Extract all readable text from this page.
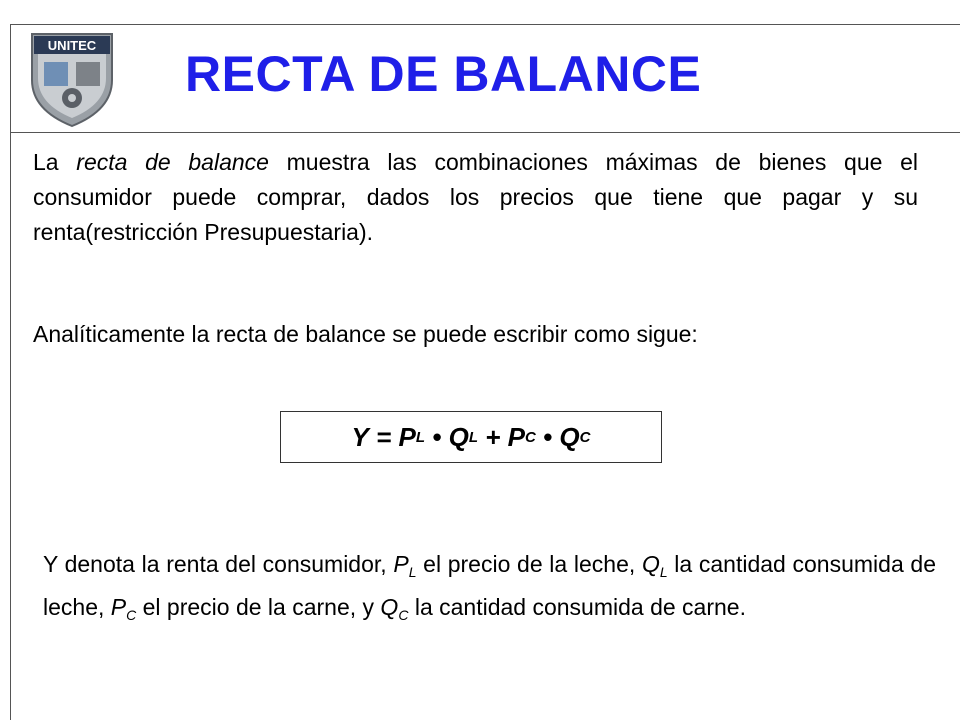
UNITEC
RECTA DE BALANCE

La recta de balance muestra las combinaciones máximas de bienes que el consumidor puede comprar, dados los precios que tiene que pagar y su renta(restricción Presupuestaria).

Analíticamente la recta de balance se puede escribir como sigue:

Y = P L • Q L + P C • Q C

Y denota la renta del consumidor, $P_L$ el precio de la leche, $Q_L$ la cantidad consumida de leche, $P_C$ el precio de la carne, y $Q_C$ la cantidad consumida de carne.
